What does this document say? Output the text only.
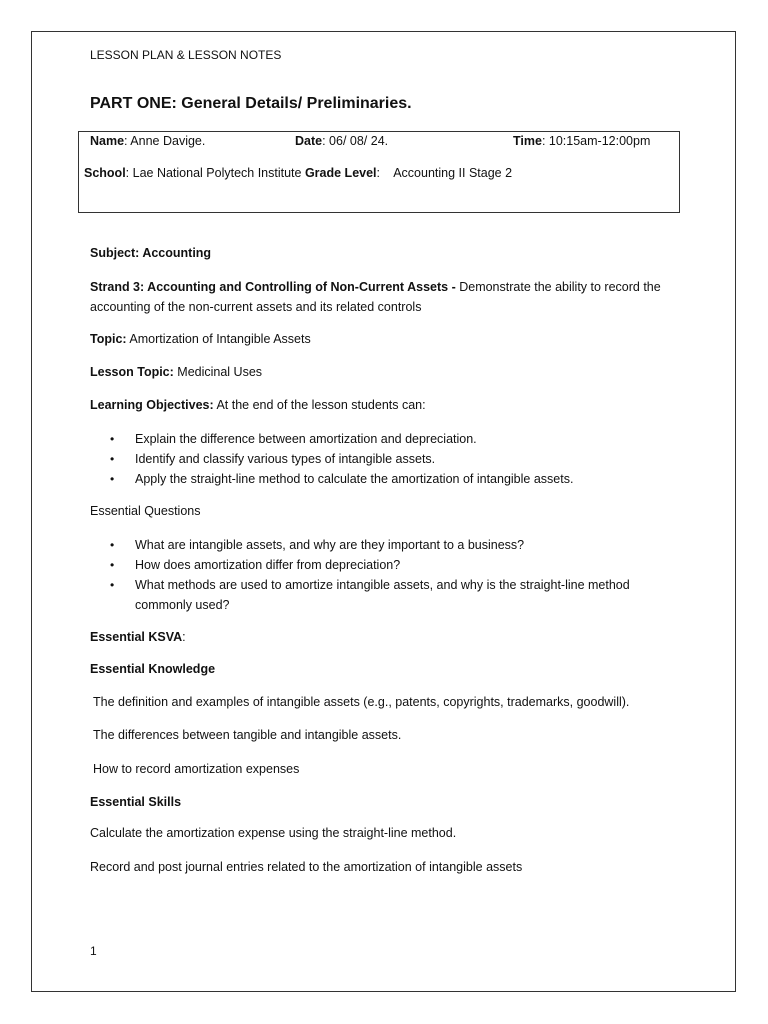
LESSON PLAN & LESSON NOTES
PART ONE: General Details/ Preliminaries.
Name: Anne Davige.	Date: 06/ 08/ 24.	Time: 10:15am-12:00pm
School: Lae National Polytech Institute Grade Level:    Accounting II Stage 2
Subject: Accounting
Strand 3: Accounting and Controlling of Non-Current Assets - Demonstrate the ability to record the accounting of the non-current assets and its related controls
Topic: Amortization of Intangible Assets
Lesson Topic: Medicinal Uses
Learning Objectives: At the end of the lesson students can:
• Explain the difference between amortization and depreciation.
• Identify and classify various types of intangible assets.
• Apply the straight-line method to calculate the amortization of intangible assets.
Essential Questions
• What are intangible assets, and why are they important to a business?
• How does amortization differ from depreciation?
• What methods are used to amortize intangible assets, and why is the straight-line method commonly used?
Essential KSVA:
Essential Knowledge
The definition and examples of intangible assets (e.g., patents, copyrights, trademarks, goodwill).
The differences between tangible and intangible assets.
How to record amortization expenses
Essential Skills
Calculate the amortization expense using the straight-line method.
Record and post journal entries related to the amortization of intangible assets
1
